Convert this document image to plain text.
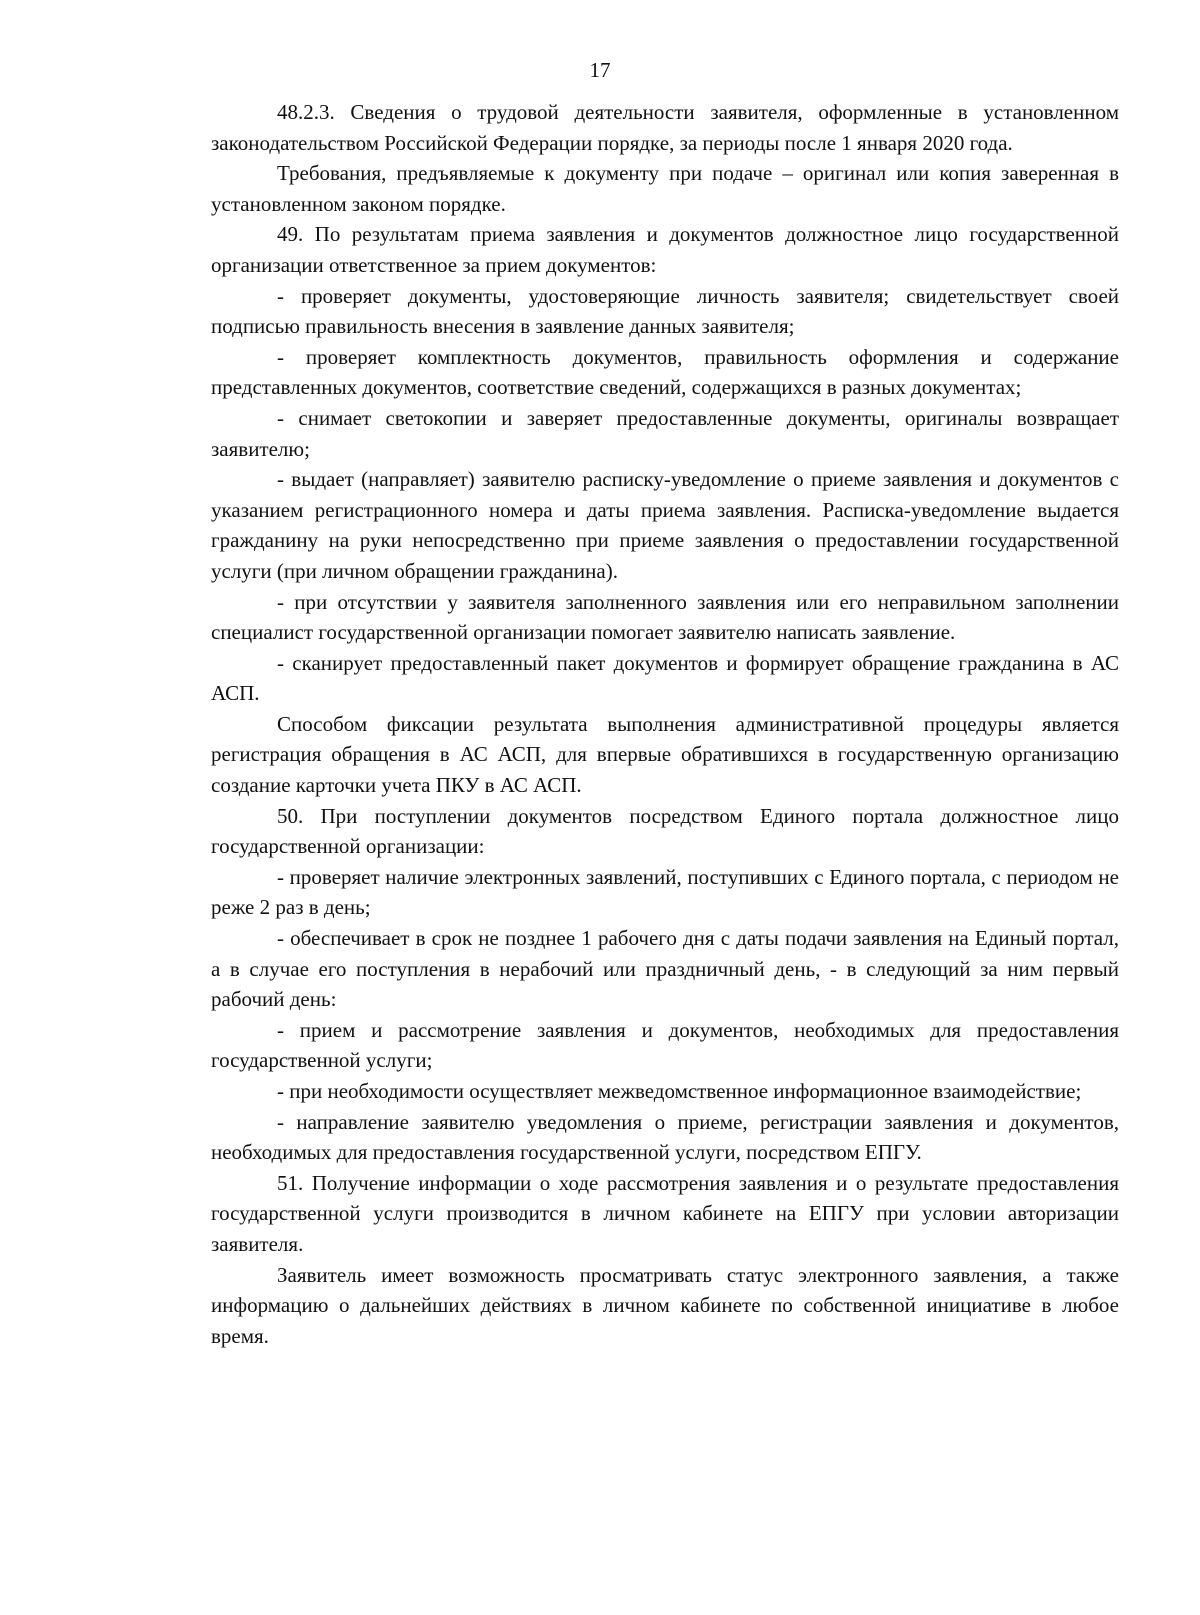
17

48.2.3. Сведения о трудовой деятельности заявителя, оформленные в установленном законодательством Российской Федерации порядке, за периоды после 1 января 2020 года.

Требования, предъявляемые к документу при подаче – оригинал или копия заверенная в установленном законом порядке.

49. По результатам приема заявления и документов должностное лицо государственной организации ответственное за прием документов:

- проверяет документы, удостоверяющие личность заявителя; свидетельствует своей подписью правильность внесения в заявление данных заявителя;

- проверяет комплектность документов, правильность оформления и содержание представленных документов, соответствие сведений, содержащихся в разных документах;

- снимает светокопии и заверяет предоставленные документы, оригиналы возвращает заявителю;

- выдает (направляет) заявителю расписку-уведомление о приеме заявления и документов с указанием регистрационного номера и даты приема заявления. Расписка-уведомление выдается гражданину на руки непосредственно при приеме заявления о предоставлении государственной услуги (при личном обращении гражданина).

- при отсутствии у заявителя заполненного заявления или его неправильном заполнении специалист государственной организации помогает заявителю написать заявление.

- сканирует предоставленный пакет документов и формирует обращение гражданина в АС АСП.

Способом фиксации результата выполнения административной процедуры является регистрация обращения в АС АСП, для впервые обратившихся в государственную организацию создание карточки учета ПКУ в АС АСП.

50. При поступлении документов посредством Единого портала должностное лицо государственной организации:

- проверяет наличие электронных заявлений, поступивших с Единого портала, с периодом не реже 2 раз в день;

- обеспечивает в срок не позднее 1 рабочего дня с даты подачи заявления на Единый портал, а в случае его поступления в нерабочий или праздничный день, - в следующий за ним первый рабочий день:

- прием и рассмотрение заявления и документов, необходимых для предоставления государственной услуги;

- при необходимости осуществляет межведомственное информационное взаимодействие;

- направление заявителю уведомления о приеме, регистрации заявления и документов, необходимых для предоставления государственной услуги, посредством ЕПГУ.

51. Получение информации о ходе рассмотрения заявления и о результате предоставления государственной услуги производится в личном кабинете на ЕПГУ при условии авторизации заявителя.

Заявитель имеет возможность просматривать статус электронного заявления, а также информацию о дальнейших действиях в личном кабинете по собственной инициативе в любое время.
